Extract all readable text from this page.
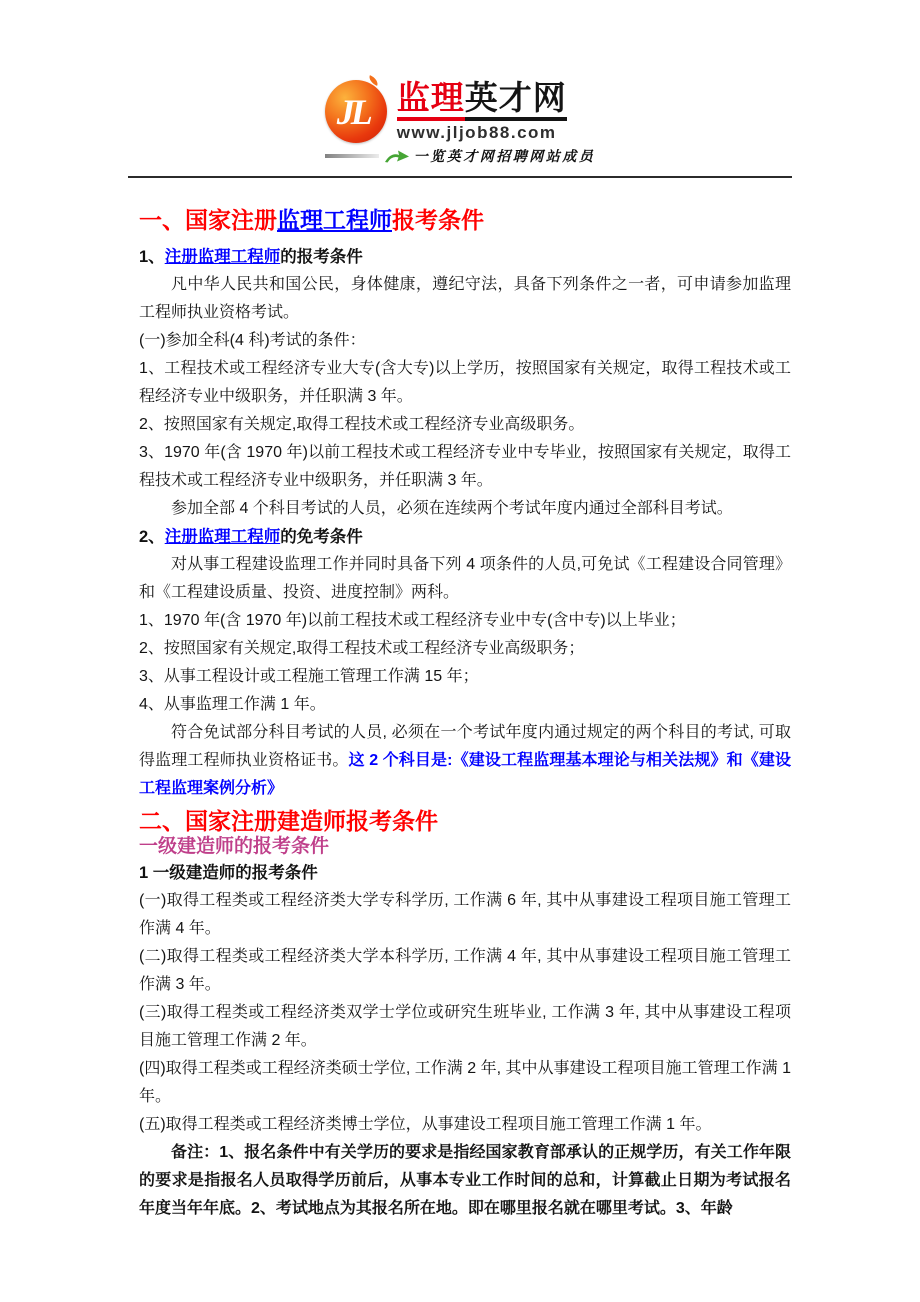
JL 监理 英才网
www.jljob88.com
一览英才网招聘网站成员
一、国家注册监理工程师报考条件

1、注册监理工程师的报考条件

凡中华人民共和国公民，身体健康，遵纪守法，具备下列条件之一者，可申请参加监理工程师执业资格考试。

(一)参加全科(4 科)考试的条件：

1、工程技术或工程经济专业大专(含大专)以上学历，按照国家有关规定，取得工程技术或工程经济专业中级职务，并任职满 3 年。

2、按照国家有关规定,取得工程技术或工程经济专业高级职务。

3、1970 年(含 1970 年)以前工程技术或工程经济专业中专毕业，按照国家有关规定，取得工程技术或工程经济专业中级职务，并任职满 3 年。

参加全部 4 个科目考试的人员，必须在连续两个考试年度内通过全部科目考试。

2、注册监理工程师的免考条件

对从事工程建设监理工作并同时具备下列 4 项条件的人员,可免试《工程建设合同管理》和《工程建设质量、投资、进度控制》两科。

1、1970 年(含 1970 年)以前工程技术或工程经济专业中专(含中专)以上毕业；

2、按照国家有关规定,取得工程技术或工程经济专业高级职务；

3、从事工程设计或工程施工管理工作满 15 年；

4、从事监理工作满 1 年。

符合免试部分科目考试的人员, 必须在一个考试年度内通过规定的两个科目的考试, 可取得监理工程师执业资格证书。这 2 个科目是:《建设工程监理基本理论与相关法规》和《建设工程监理案例分析》

二、国家注册建造师报考条件
一级建造师的报考条件

1 一级建造师的报考条件

(一)取得工程类或工程经济类大学专科学历, 工作满 6 年, 其中从事建设工程项目施工管理工作满 4 年。

(二)取得工程类或工程经济类大学本科学历, 工作满 4 年, 其中从事建设工程项目施工管理工作满 3 年。

(三)取得工程类或工程经济类双学士学位或研究生班毕业, 工作满 3 年, 其中从事建设工程项目施工管理工作满 2 年。

(四)取得工程类或工程经济类硕士学位, 工作满 2 年, 其中从事建设工程项目施工管理工作满 1 年。

(五)取得工程类或工程经济类博士学位，从事建设工程项目施工管理工作满 1 年。

备注：1、报名条件中有关学历的要求是指经国家教育部承认的正规学历，有关工作年限的要求是指报名人员取得学历前后，从事本专业工作时间的总和，计算截止日期为考试报名年度当年年底。2、考试地点为其报名所在地。即在哪里报名就在哪里考试。3、年龄
